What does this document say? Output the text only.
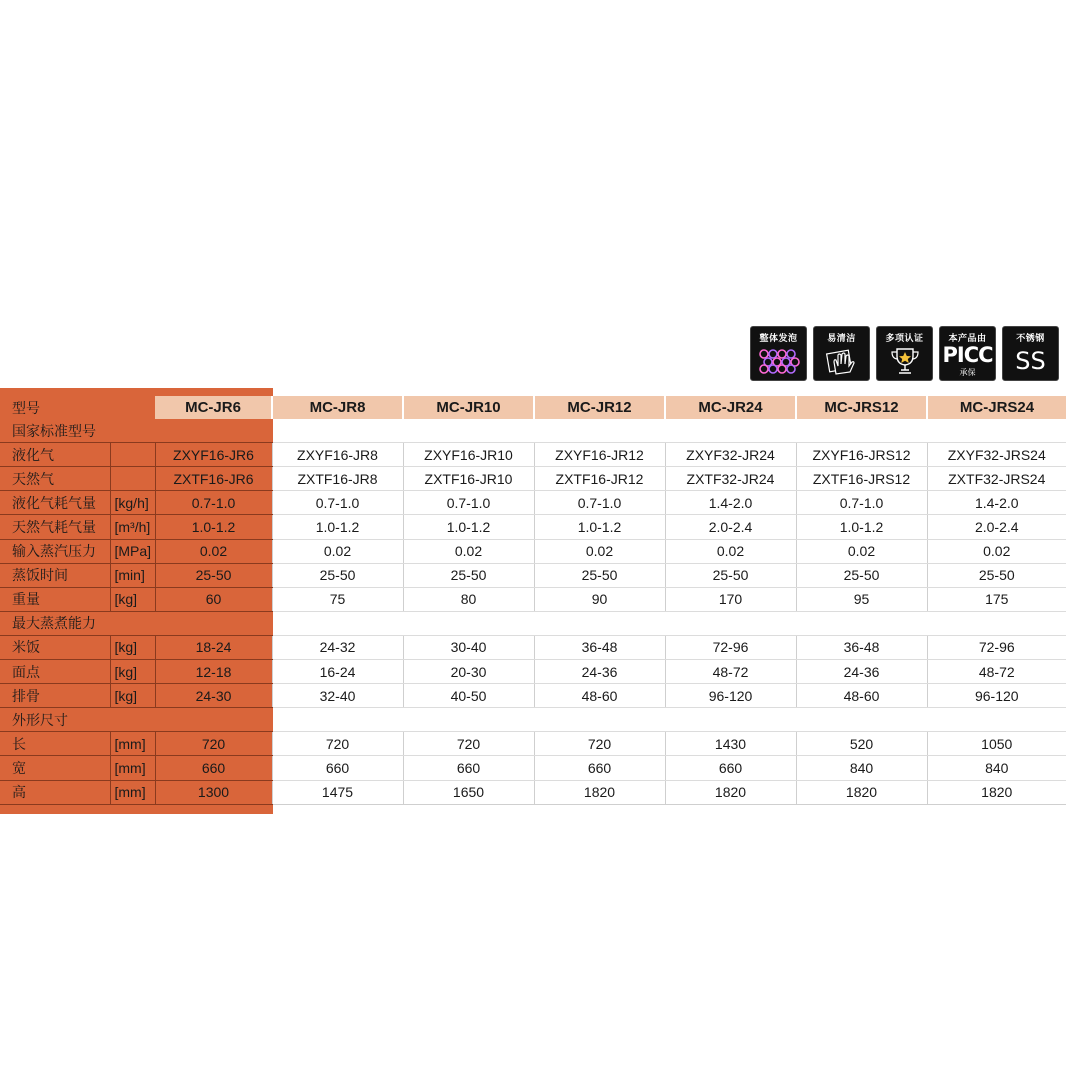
整体发泡	易清洁	多项认证	本产品由
PICC
承保
不锈钢
SS
型号		MC-JR6	MC-JR8	MC-JR10	MC-JR12	MC-JR24	MC-JRS12	MC-JRS24
国家标准型号								
液化气		ZXYF16-JR6	ZXYF16-JR8	ZXYF16-JR10	ZXYF16-JR12	ZXYF32-JR24	ZXYF16-JRS12	ZXYF32-JRS24
天然气		ZXTF16-JR6	ZXTF16-JR8	ZXTF16-JR10	ZXTF16-JR12	ZXTF32-JR24	ZXTF16-JRS12	ZXTF32-JRS24
液化气耗气量	[kg/h]	0.7-1.0	0.7-1.0	0.7-1.0	0.7-1.0	1.4-2.0	0.7-1.0	1.4-2.0
天然气耗气量	[m³/h]	1.0-1.2	1.0-1.2	1.0-1.2	1.0-1.2	2.0-2.4	1.0-1.2	2.0-2.4
输入蒸汽压力	[MPa]	0.02	0.02	0.02	0.02	0.02	0.02	0.02
蒸饭时间	[min]	25-50	25-50	25-50	25-50	25-50	25-50	25-50
重量	[kg]	60	75	80	90	170	95	175
最大蒸煮能力								
米饭	[kg]	18-24	24-32	30-40	36-48	72-96	36-48	72-96
面点	[kg]	12-18	16-24	20-30	24-36	48-72	24-36	48-72
排骨	[kg]	24-30	32-40	40-50	48-60	96-120	48-60	96-120
外形尺寸								
长	[mm]	720	720	720	720	1430	520	1050
宽	[mm]	660	660	660	660	660	840	840
高	[mm]	1300	1475	1650	1820	1820	1820	1820
